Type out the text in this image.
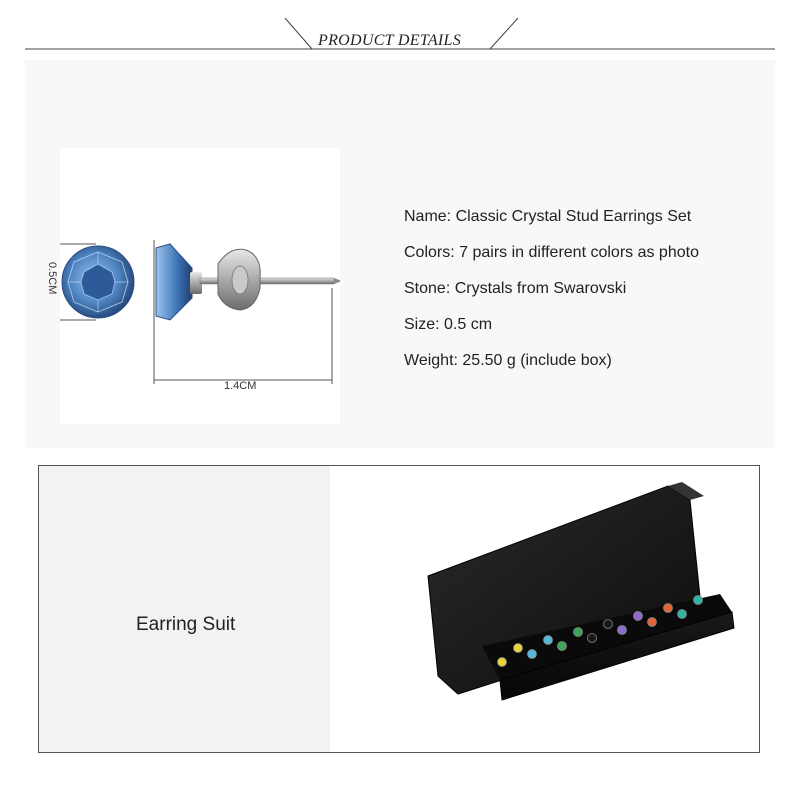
PRODUCT DETAILS
1.4CM
0.5CM
Name: Classic Crystal Stud Earrings Set
Colors: 7 pairs in different colors as photo
Stone: Crystals from Swarovski
Size: 0.5 cm
Weight: 25.50 g (include box)
Earring Suit
